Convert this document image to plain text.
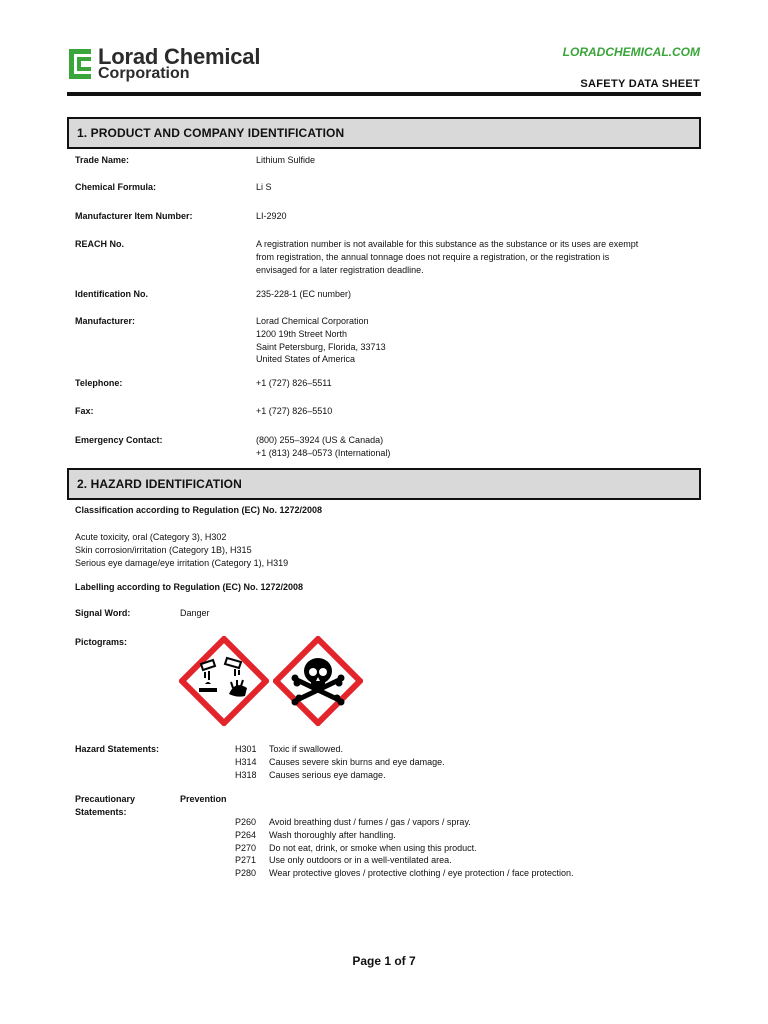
Lorad Chemical
Corporation
LORADCHEMICAL.COM
SAFETY DATA SHEET
1. PRODUCT AND COMPANY IDENTIFICATION
Trade Name:	Lithium Sulfide
Chemical Formula:	Li S
Manufacturer Item Number:	LI-2920
REACH No.	A registration number is not available for this substance as the substance or its uses are exempt
from registration, the annual tonnage does not require a registration, or the registration is
envisaged for a later registration deadline.
Identification No.	235-228-1 (EC number)
Manufacturer:	Lorad Chemical Corporation
1200 19th Street North
Saint Petersburg, Florida, 33713
United States of America
Telephone:	+1 (727) 826–5511
Fax:	+1 (727) 826–5510
Emergency Contact:	(800) 255–3924 (US & Canada)
+1 (813) 248–0573 (International)
2. HAZARD IDENTIFICATION
Classification according to Regulation (EC) No. 1272/2008
Acute toxicity, oral (Category 3), H302
Skin corrosion/irritation (Category 1B), H315
Serious eye damage/eye irritation (Category 1), H319
Labelling according to Regulation (EC) No. 1272/2008
Signal Word:	Danger
Pictograms:
Hazard Statements:	H301	Toxic if swallowed.
H314	Causes severe skin burns and eye damage.
H318	Causes serious eye damage.
Precautionary
Statements:
Prevention
P260	Avoid breathing dust / fumes / gas / vapors / spray.
P264	Wash thoroughly after handling.
P270	Do not eat, drink, or smoke when using this product.
P271	Use only outdoors or in a well-ventilated area.
P280	Wear protective gloves / protective clothing / eye protection / face protection.
Page 1 of 7
